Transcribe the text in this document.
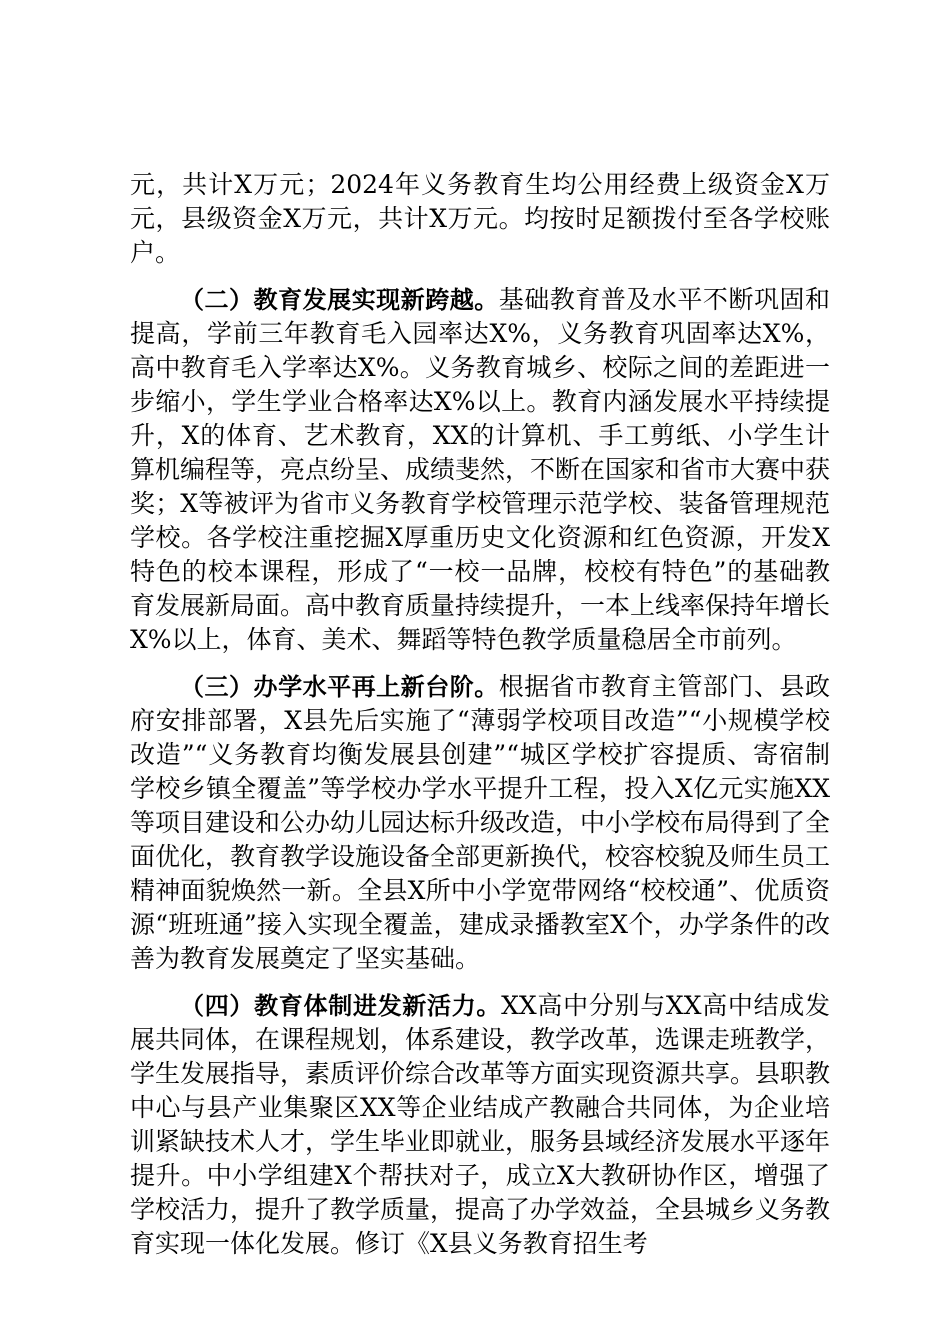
元，共计X万元；2024年义务教育生均公用经费上级资金X万元，县级资金X万元，共计X万元。均按时足额拨付至各学校账户。

（二）教育发展实现新跨越。基础教育普及水平不断巩固和提高，学前三年教育毛入园率达X%，义务教育巩固率达X%，高中教育毛入学率达X%。义务教育城乡、校际之间的差距进一步缩小，学生学业合格率达X%以上。教育内涵发展水平持续提升，X的体育、艺术教育，XX的计算机、手工剪纸、小学生计算机编程等，亮点纷呈、成绩斐然，不断在国家和省市大赛中获奖；X等被评为省市义务教育学校管理示范学校、装备管理规范学校。各学校注重挖掘X厚重历史文化资源和红色资源，开发X特色的校本课程，形成了“一校一品牌，校校有特色”的基础教育发展新局面。高中教育质量持续提升，一本上线率保持年增长X%以上，体育、美术、舞蹈等特色教学质量稳居全市前列。

（三）办学水平再上新台阶。根据省市教育主管部门、县政府安排部署，X县先后实施了“薄弱学校项目改造”“小规模学校改造”“义务教育均衡发展县创建”“城区学校扩容提质、寄宿制学校乡镇全覆盖”等学校办学水平提升工程，投入X亿元实施XX等项目建设和公办幼儿园达标升级改造，中小学校布局得到了全面优化，教育教学设施设备全部更新换代，校容校貌及师生员工精神面貌焕然一新。全县X所中小学宽带网络“校校通”、优质资源“班班通”接入实现全覆盖，建成录播教室X个，办学条件的改善为教育发展奠定了坚实基础。

（四）教育体制进发新活力。XX高中分别与XX高中结成发展共同体，在课程规划，体系建设，教学改革，选课走班教学，学生发展指导，素质评价综合改革等方面实现资源共享。县职教中心与县产业集聚区XX等企业结成产教融合共同体，为企业培训紧缺技术人才，学生毕业即就业，服务县域经济发展水平逐年提升。中小学组建X个帮扶对子，成立X大教研协作区，增强了学校活力，提升了教学质量，提高了办学效益，全县城乡义务教育实现一体化发展。修订《X县义务教育招生考
